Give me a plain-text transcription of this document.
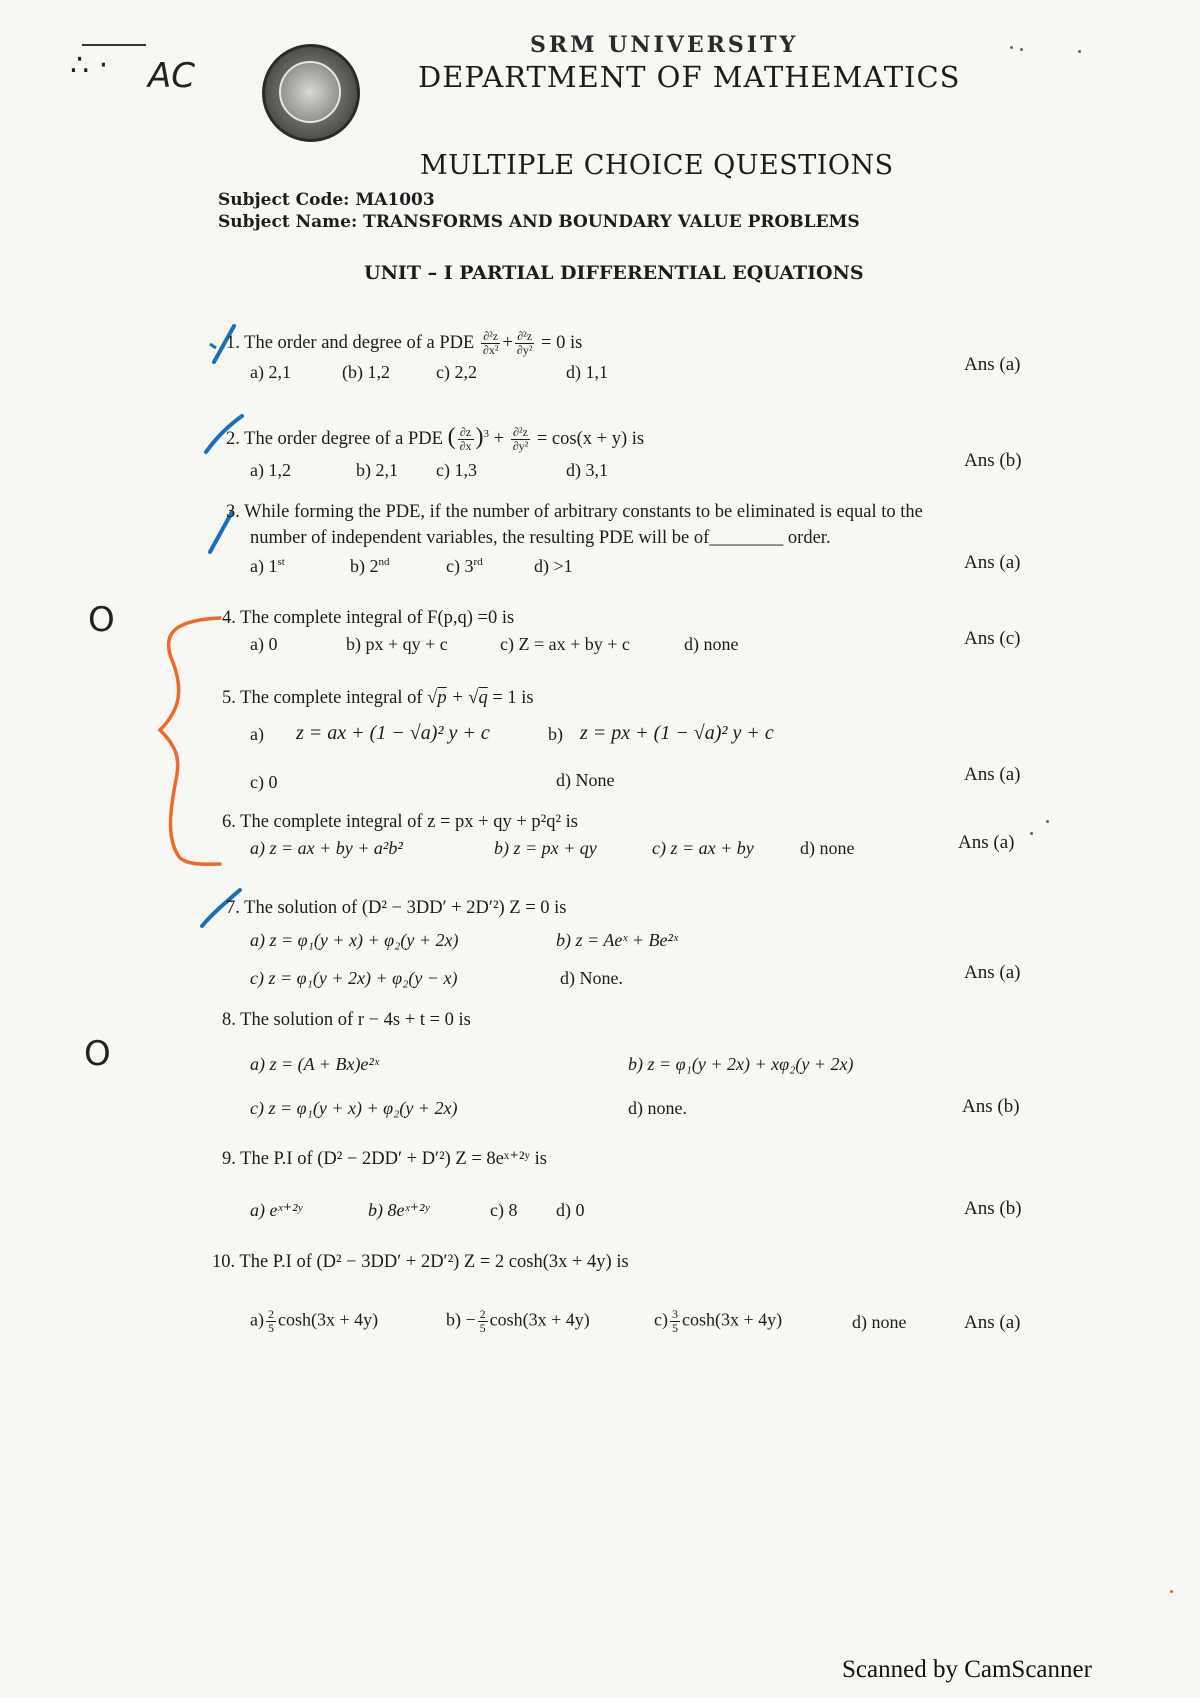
SRM UNIVERSITY
DEPARTMENT OF MATHEMATICS
MULTIPLE CHOICE QUESTIONS
Subject Code: MA1003
Subject Name: TRANSFORMS AND BOUNDARY VALUE PROBLEMS
UNIT – I PARTIAL DIFFERENTIAL EQUATIONS
∴ · AC
O
O
1. The order and degree of a PDE $\frac{\text{∂²z}}{\text{∂x²}} + \frac{\text{∂²z}}{\text{∂y²}} = 0$ is
a) 2,1	(b) 1,2	c) 2,2	d) 1,1	Ans (a)
2. The order degree of a PDE ( $\frac{\partial z}{\partial x} )^3 + \frac{\text{∂²z}}{\text{∂y²}} = \cos(x + y)$ is
a) 1,2	b) 2,1 c) 1,3	d) 3,1	Ans (b)
3. While forming the PDE, if the number of arbitrary constants to be eliminated is equal to the
number of independent variables, the resulting PDE will be of________ order.
a) 1st	b) 2nd	c) 3rd	d) >1	Ans (a)
4. The complete integral of F(p,q) =0 is
a) 0	b) px + qy + c	c) Z = ax + by + c	d) none	Ans (c)
5. The complete integral of √p + √q = 1 is
a) z = ax + (1 − √a)² y + c	b) z = px + (1 − √a)² y + c
c) 0	d) None	Ans (a)
6. The complete integral of z = px + qy + p²q² is
a) z = ax + by + a²b²	b) z = px + qy	c) z = ax + by	d) none	Ans (a)
7. The solution of (D² − 3DD′ + 2D′²) Z = 0 is
a) z = φ₁(y + x) + φ₂(y + 2x)	b) z = Aeˣ + Be²ˣ
c) z = φ₁(y + 2x) + φ₂(y − x)	d) None.	Ans (a)
8. The solution of r − 4s + t = 0 is
a) z = (A + Bx)e²ˣ	b) z = φ₁(y + 2x) + xφ₂(y + 2x)
c) z = φ₁(y + x) + φ₂(y + 2x)	d) none.	Ans (b)
9. The P.I of (D² − 2DD′ + D′²) Z = 8eˣ⁺²ʸ is
a) eˣ⁺²ʸ	b) 8eˣ⁺²ʸ	c) 8 d) 0	Ans (b)
10. The P.I of (D² − 3DD′ + 2D′²) Z = 2 cosh(3x + 4y) is
$a) \frac{2}{5} \cosh(3x + 4y)$	$b) - \frac{2}{5} \cosh(3x + 4y)$	$c) \frac{3}{5} \cosh(3x + 4y)$	d) none	Ans (a)
Scanned by CamScanner
